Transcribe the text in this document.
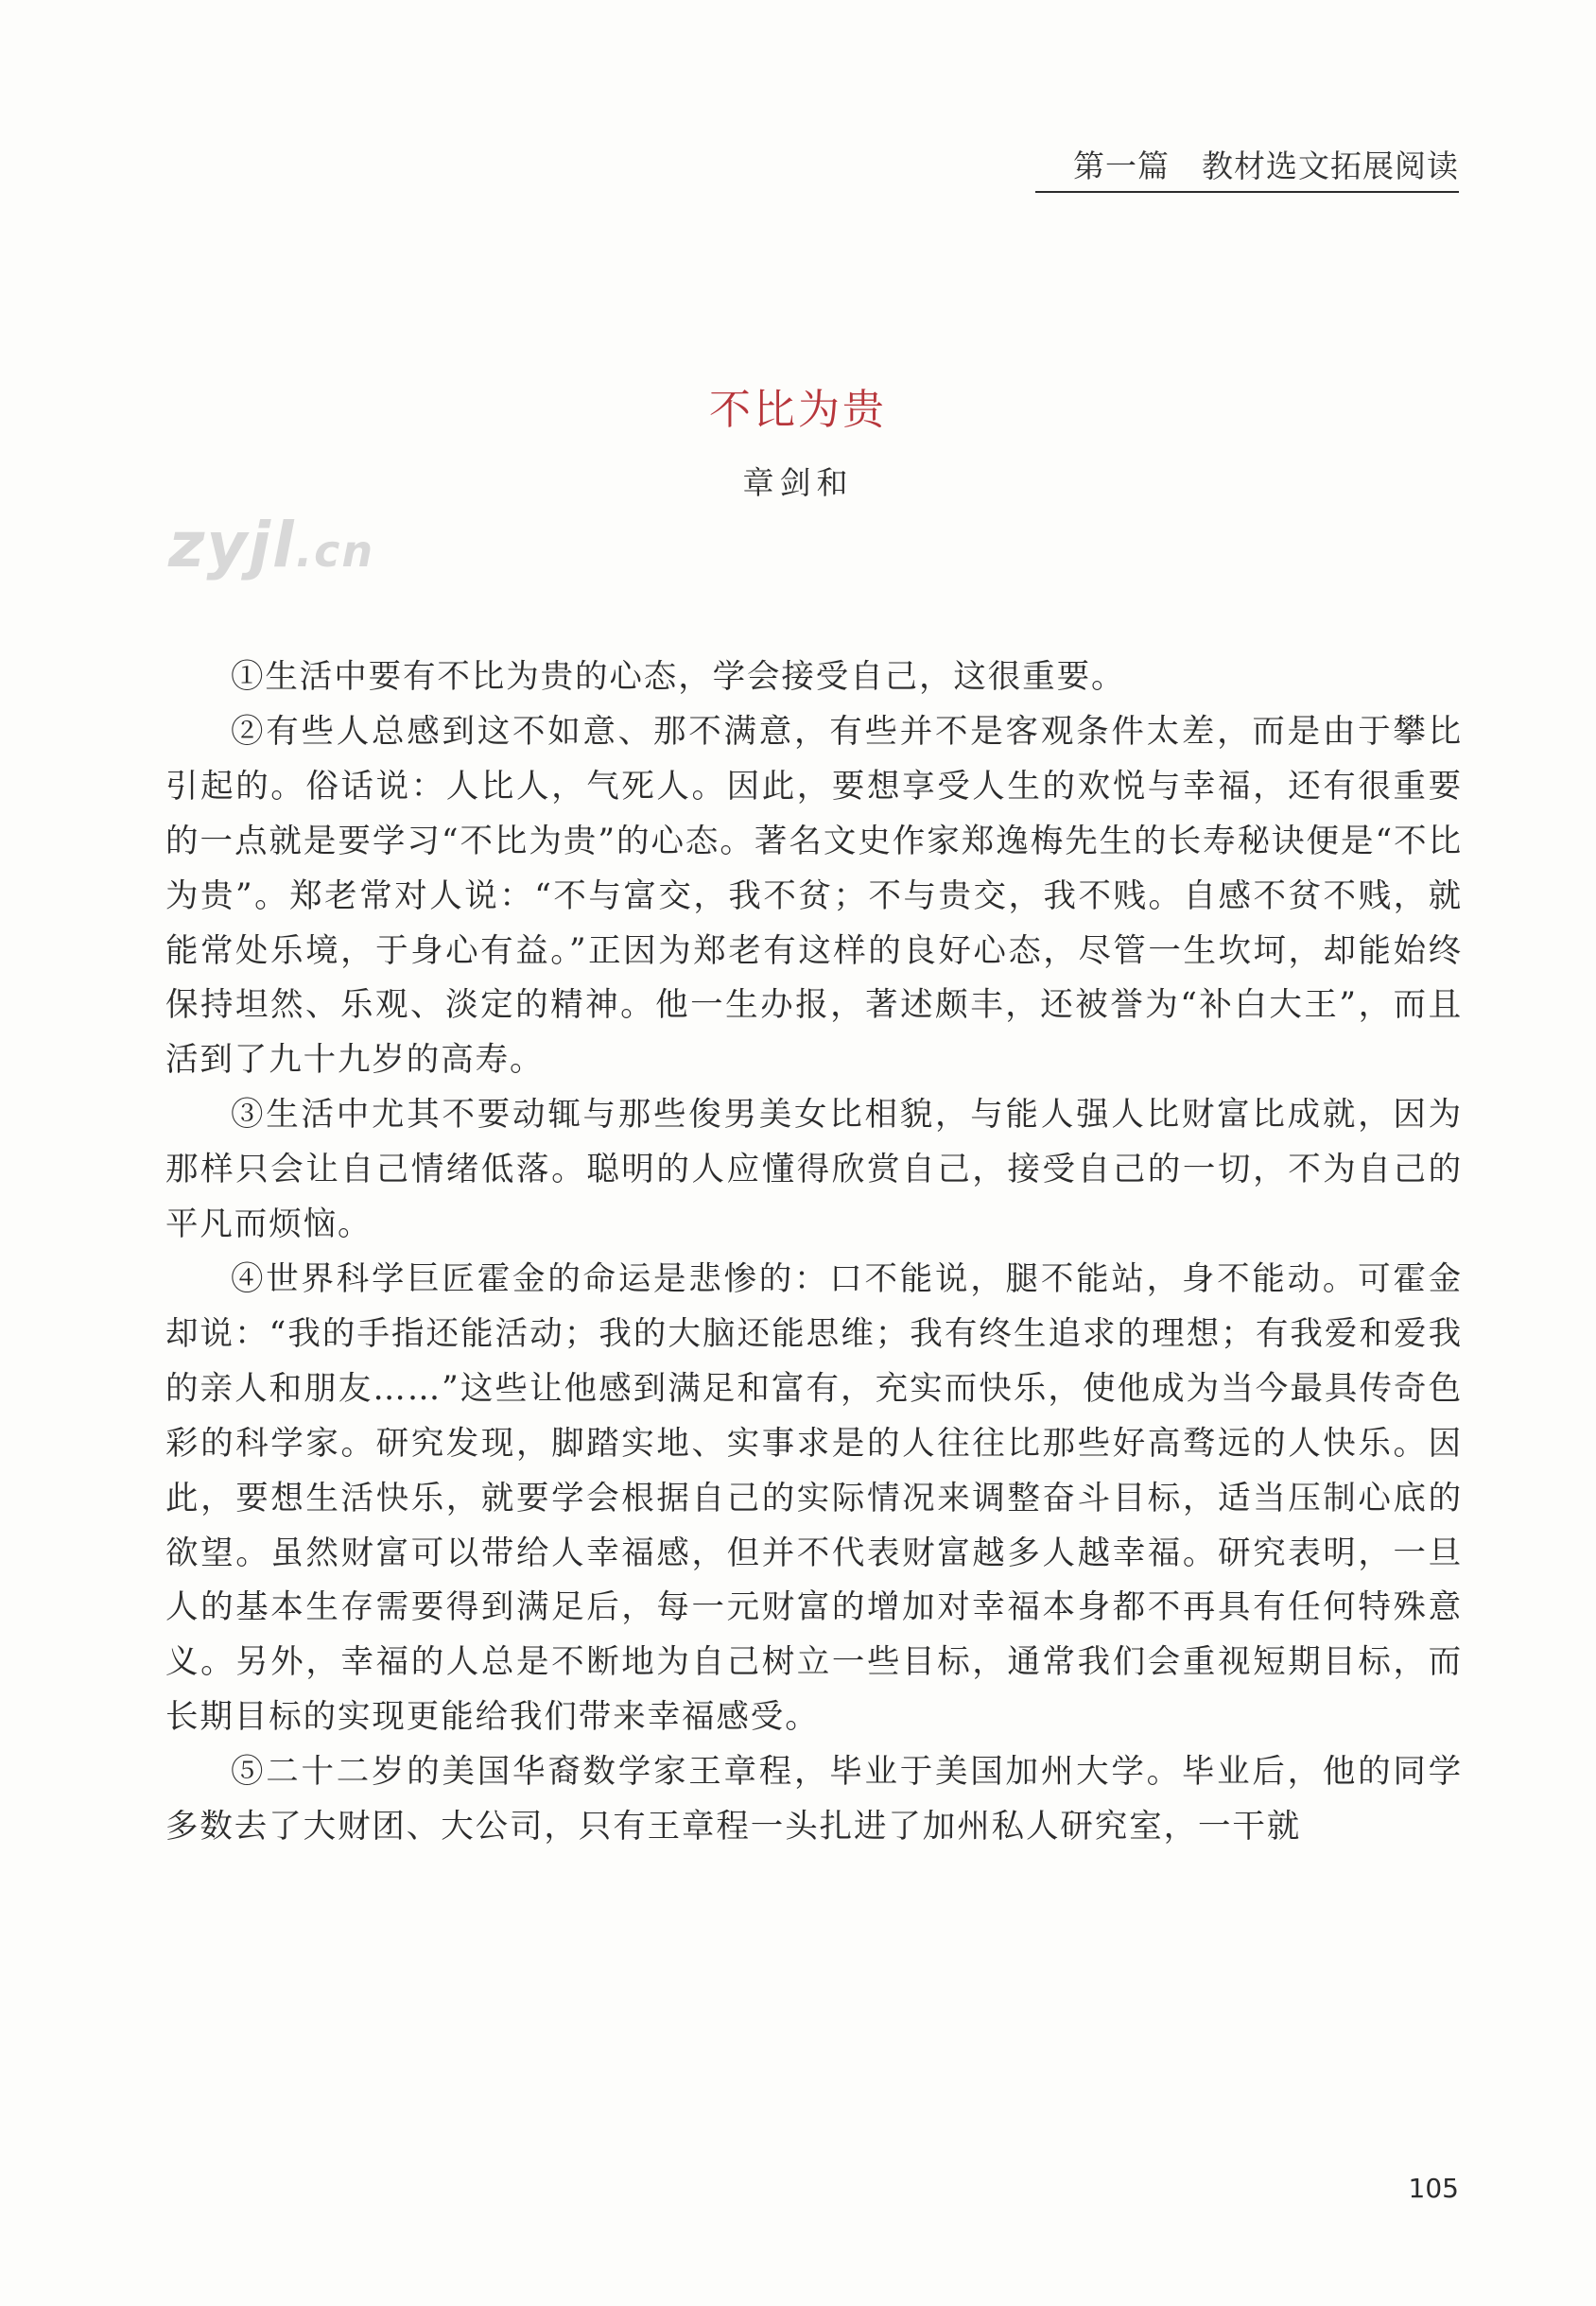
第一篇 教材选文拓展阅读
zyjl.cn
不比为贵
章剑和

①生活中要有不比为贵的心态，学会接受自己，这很重要。

②有些人总感到这不如意、那不满意，有些并不是客观条件太差，而是由于攀比引起的。俗话说：人比人，气死人。因此，要想享受人生的欢悦与幸福，还有很重要的一点就是要学习“不比为贵”的心态。著名文史作家郑逸梅先生的长寿秘诀便是“不比为贵”。郑老常对人说：“不与富交，我不贫；不与贵交，我不贱。自感不贫不贱，就能常处乐境，于身心有益。”正因为郑老有这样的良好心态，尽管一生坎坷，却能始终保持坦然、乐观、淡定的精神。他一生办报，著述颇丰，还被誉为“补白大王”，而且活到了九十九岁的高寿。

③生活中尤其不要动辄与那些俊男美女比相貌，与能人强人比财富比成就，因为那样只会让自己情绪低落。聪明的人应懂得欣赏自己，接受自己的一切，不为自己的平凡而烦恼。

④世界科学巨匠霍金的命运是悲惨的：口不能说，腿不能站，身不能动。可霍金却说：“我的手指还能活动；我的大脑还能思维；我有终生追求的理想；有我爱和爱我的亲人和朋友……”这些让他感到满足和富有，充实而快乐，使他成为当今最具传奇色彩的科学家。研究发现，脚踏实地、实事求是的人往往比那些好高骛远的人快乐。因此，要想生活快乐，就要学会根据自己的实际情况来调整奋斗目标，适当压制心底的欲望。虽然财富可以带给人幸福感，但并不代表财富越多人越幸福。研究表明，一旦人的基本生存需要得到满足后，每一元财富的增加对幸福本身都不再具有任何特殊意义。另外，幸福的人总是不断地为自己树立一些目标，通常我们会重视短期目标，而长期目标的实现更能给我们带来幸福感受。

⑤二十二岁的美国华裔数学家王章程，毕业于美国加州大学。毕业后，他的同学多数去了大财团、大公司，只有王章程一头扎进了加州私人研究室，一干就

105
